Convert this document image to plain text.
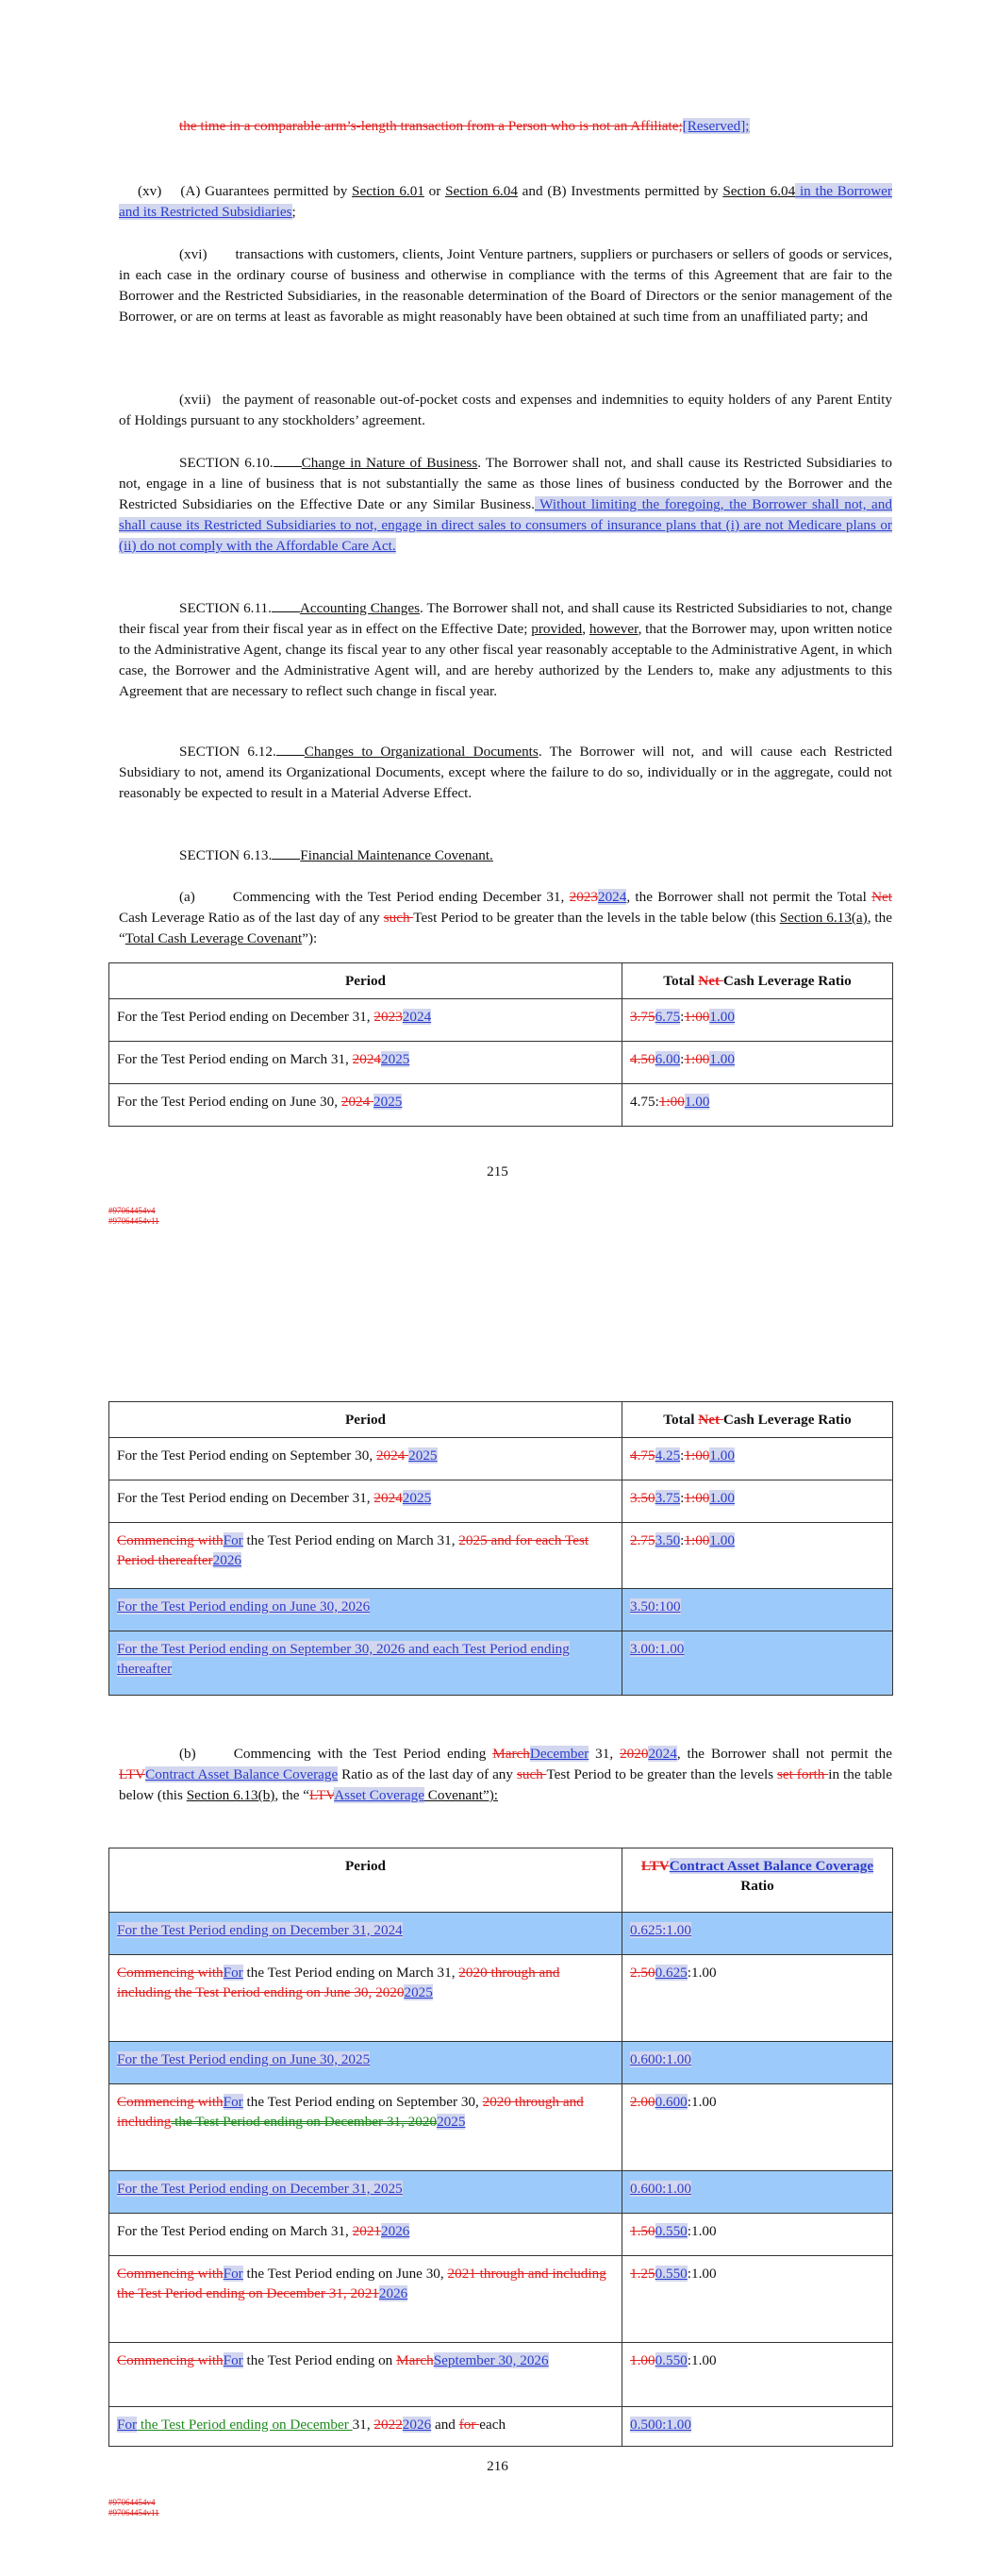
the time in a comparable arm’s-length transaction from a Person who is not an Affiliate;[Reserved];

(xv) (A) Guarantees permitted by Section 6.01 or Section 6.04 and (B) Investments permitted by Section 6.04 in the Borrower and its Restricted Subsidiaries;

(xvi) transactions with customers, clients, Joint Venture partners, suppliers or purchasers or sellers of goods or services, in each case in the ordinary course of business and otherwise in compliance with the terms of this Agreement that are fair to the Borrower and the Restricted Subsidiaries, in the reasonable determination of the Board of Directors or the senior management of the Borrower, or are on terms at least as favorable as might reasonably have been obtained at such time from an unaffiliated party; and

(xvii) the payment of reasonable out-of-pocket costs and expenses and indemnities to equity holders of any Parent Entity of Holdings pursuant to any stockholders’ agreement.

SECTION 6.10. Change in Nature of Business. The Borrower shall not, and shall cause its Restricted Subsidiaries to not, engage in a line of business that is not substantially the same as those lines of business conducted by the Borrower and the Restricted Subsidiaries on the Effective Date or any Similar Business. Without limiting the foregoing, the Borrower shall not, and shall cause its Restricted Subsidiaries to not, engage in direct sales to consumers of insurance plans that (i) are not Medicare plans or (ii) do not comply with the Affordable Care Act.

SECTION 6.11. Accounting Changes. The Borrower shall not, and shall cause its Restricted Subsidiaries to not, change their fiscal year from their fiscal year as in effect on the Effective Date; provided, however, that the Borrower may, upon written notice to the Administrative Agent, change its fiscal year to any other fiscal year reasonably acceptable to the Administrative Agent, in which case, the Borrower and the Administrative Agent will, and are hereby authorized by the Lenders to, make any adjustments to this Agreement that are necessary to reflect such change in fiscal year.

SECTION 6.12. Changes to Organizational Documents. The Borrower will not, and will cause each Restricted Subsidiary to not, amend its Organizational Documents, except where the failure to do so, individually or in the aggregate, could not reasonably be expected to result in a Material Adverse Effect.

SECTION 6.13. Financial Maintenance Covenant.

(a)	Commencing with the Test Period ending December 31, 20232024, the Borrower shall not permit the Total Net Cash Leverage Ratio as of the last day of any such Test Period to be greater than the levels in the table below (this Section 6.13(a), the “Total Cash Leverage Covenant”):

Period	Total Net Cash Leverage Ratio
For the Test Period ending on December 31, 20232024	3.756.75:1:001.00
For the Test Period ending on March 31, 20242025	4.506.00:1:001.00
For the Test Period ending on June 30, 2024 2025	4.75:1:001.00
215
#97064454v4
#97064454v11
Period	Total Net Cash Leverage Ratio
For the Test Period ending on September 30, 2024 2025	4.754.25:1:001.00
For the Test Period ending on December 31, 20242025	3.503.75:1:001.00
Commencing withFor the Test Period ending on March 31, 2025 and for each Test Period thereafter2026	2.753.50:1:001.00
For the Test Period ending on June 30, 2026	3.50:100
For the Test Period ending on September 30, 2026 and each Test Period ending thereafter	3.00:1.00

(b)	Commencing with the Test Period ending MarchDecember 31, 20202024, the Borrower shall not permit the LTVContract Asset Balance Coverage Ratio as of the last day of any such Test Period to be greater than the levels set forth in the table below (this Section 6.13(b), the “LTVAsset Coverage Covenant”):

Period	LTVContract Asset Balance Coverage Ratio
For the Test Period ending on December 31, 2024	0.625:1.00
Commencing withFor the Test Period ending on March 31, 2020 through and including the Test Period ending on June 30, 20202025	2.500.625:1.00
For the Test Period ending on June 30, 2025	0.600:1.00
Commencing withFor the Test Period ending on September 30, 2020 through and including the Test Period ending on December 31, 20202025	2.000.600:1.00
For the Test Period ending on December 31, 2025	0.600:1.00
For the Test Period ending on March 31, 20212026	1.500.550:1.00
Commencing withFor the Test Period ending on June 30, 2021 through and including the Test Period ending on December 31, 20212026	1.250.550:1.00
Commencing withFor the Test Period ending on MarchSeptember 30, 2026	1.000.550:1.00
For the Test Period ending on December 31, 20222026 and for each	0.500:1.00
216
#97064454v4
#97064454v11
